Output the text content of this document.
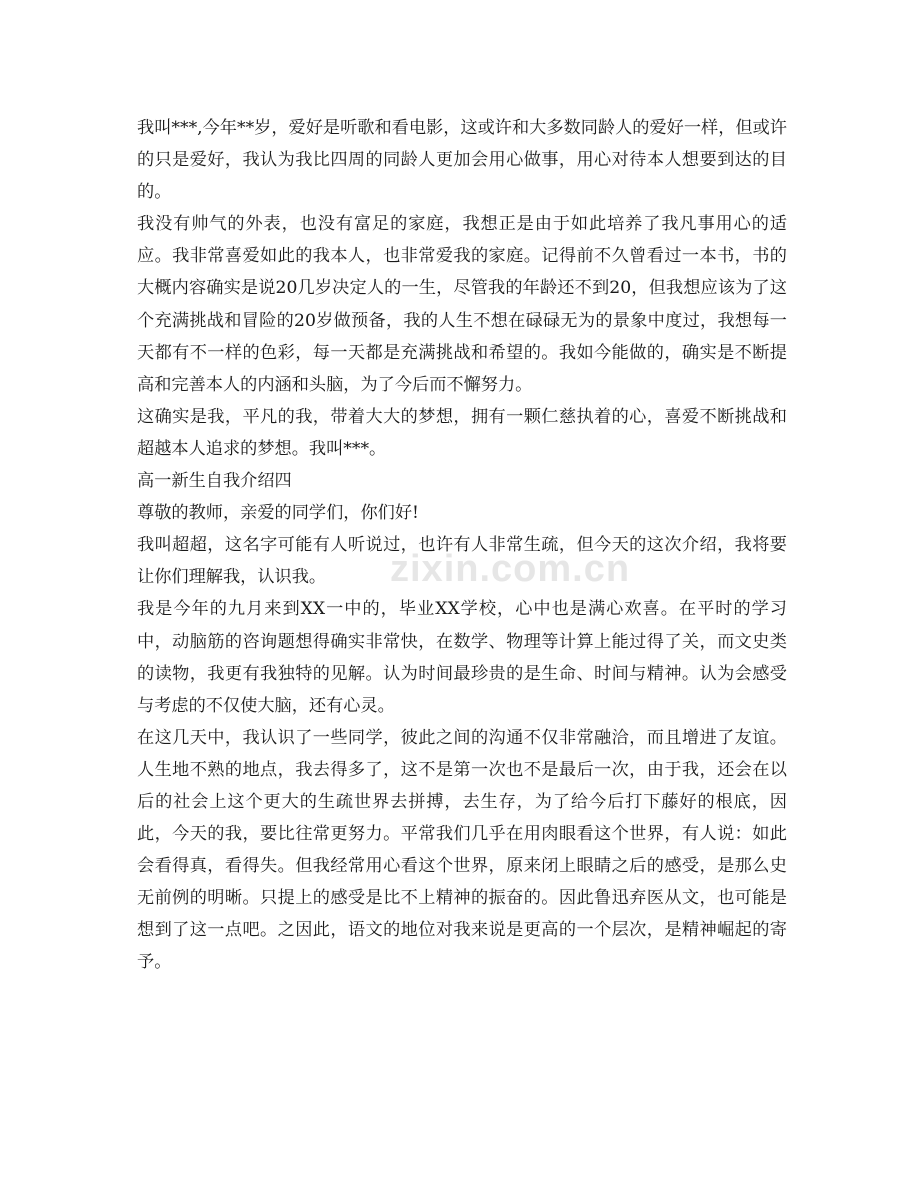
zixin.com.cn

我叫***,今年**岁，爱好是听歌和看电影，这或许和大多数同龄人的爱好一样，但或许的只是爱好，我认为我比四周的同龄人更加会用心做事，用心对待本人想要到达的目的。

我没有帅气的外表，也没有富足的家庭，我想正是由于如此培养了我凡事用心的适应。我非常喜爱如此的我本人，也非常爱我的家庭。记得前不久曾看过一本书，书的大概内容确实是说20几岁决定人的一生，尽管我的年龄还不到20，但我想应该为了这个充满挑战和冒险的20岁做预备，我的人生不想在碌碌无为的景象中度过，我想每一天都有不一样的色彩，每一天都是充满挑战和希望的。我如今能做的，确实是不断提高和完善本人的内涵和头脑，为了今后而不懈努力。

这确实是我，平凡的我，带着大大的梦想，拥有一颗仁慈执着的心，喜爱不断挑战和超越本人追求的梦想。我叫***。

高一新生自我介绍四

尊敬的教师，亲爱的同学们，你们好!

我叫超超，这名字可能有人听说过，也许有人非常生疏，但今天的这次介绍，我将要让你们理解我，认识我。

我是今年的九月来到XX一中的，毕业XX学校，心中也是满心欢喜。在平时的学习中，动脑筋的咨询题想得确实非常快，在数学、物理等计算上能过得了关，而文史类的读物，我更有我独特的见解。认为时间最珍贵的是生命、时间与精神。认为会感受与考虑的不仅使大脑，还有心灵。

在这几天中，我认识了一些同学，彼此之间的沟通不仅非常融洽，而且增进了友谊。人生地不熟的地点，我去得多了，这不是第一次也不是最后一次，由于我，还会在以后的社会上这个更大的生疏世界去拼搏，去生存，为了给今后打下藤好的根底，因此，今天的我，要比往常更努力。平常我们几乎在用肉眼看这个世界，有人说：如此会看得真，看得失。但我经常用心看这个世界，原来闭上眼睛之后的感受，是那么史无前例的明晰。只提上的感受是比不上精神的振奋的。因此鲁迅弃医从文，也可能是想到了这一点吧。之因此，语文的地位对我来说是更高的一个层次，是精神崛起的寄予。
